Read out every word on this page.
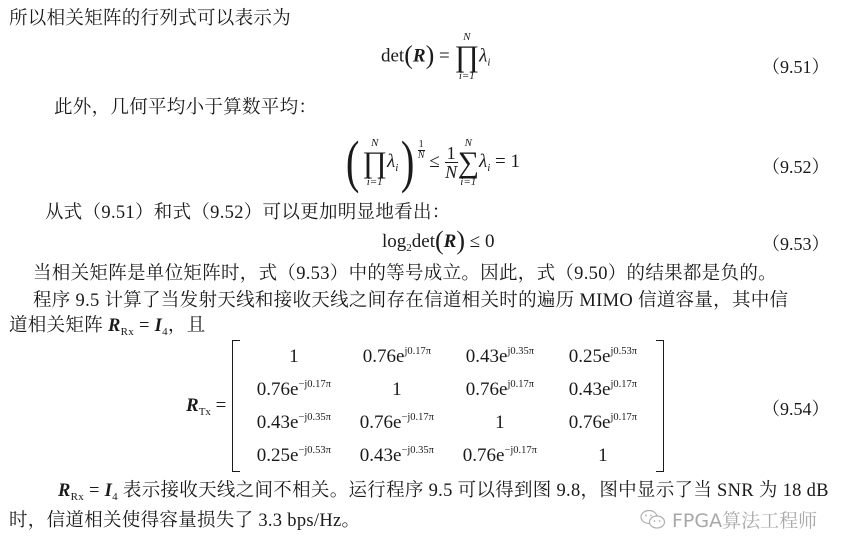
所以相关矩阵的行列式可以表示为
det(R) =
N
∏
i=1
$\lambda_i$	（9.51）
此外，几何平均小于算数平均：
( N
∏
i=1
$\lambda_i) \frac{1}{N}$
≤ $\frac{1}{N}$
N
∑
i=1
$\lambda_i = 1$	（9.52）
从式（9.51）和式（9.52）可以更加明显地看出：
$\log_2\det(R) \le 0$	（9.53）
当相关矩阵是单位矩阵时，式（9.53）中的等号成立。因此，式（9.50）的结果都是负的。
程序 9.5 计算了当发射天线和接收天线之间存在信道相关时的遍历 MIMO 信道容量，其中信
道相关矩阵 $R_{Rx} = I_4$，且
$R_{Tx}$ =
1	$0.76e^{j0.17\pi}$	$0.43e^{j0.35\pi}$	$0.25e^{j0.53\pi}$
$0.76e^{-j0.17\pi}$	1	$0.76e^{j0.17\pi}$	$0.43e^{j0.17\pi}$
$0.43e^{-j0.35\pi}$	$0.76e^{-j0.17\pi}$	1	$0.76e^{j0.17\pi}$
$0.25e^{-j0.53\pi}$	$0.43e^{-j0.35\pi}$	$0.76e^{-j0.17\pi}$	1
（9.54）
$R_{Rx} = I_4$ 表示接收天线之间不相关。运行程序 9.5 可以得到图 9.8，图中显示了当 SNR 为 18 dB
时，信道相关使得容量损失了 3.3 bps/Hz。	FPGA算法工程师
